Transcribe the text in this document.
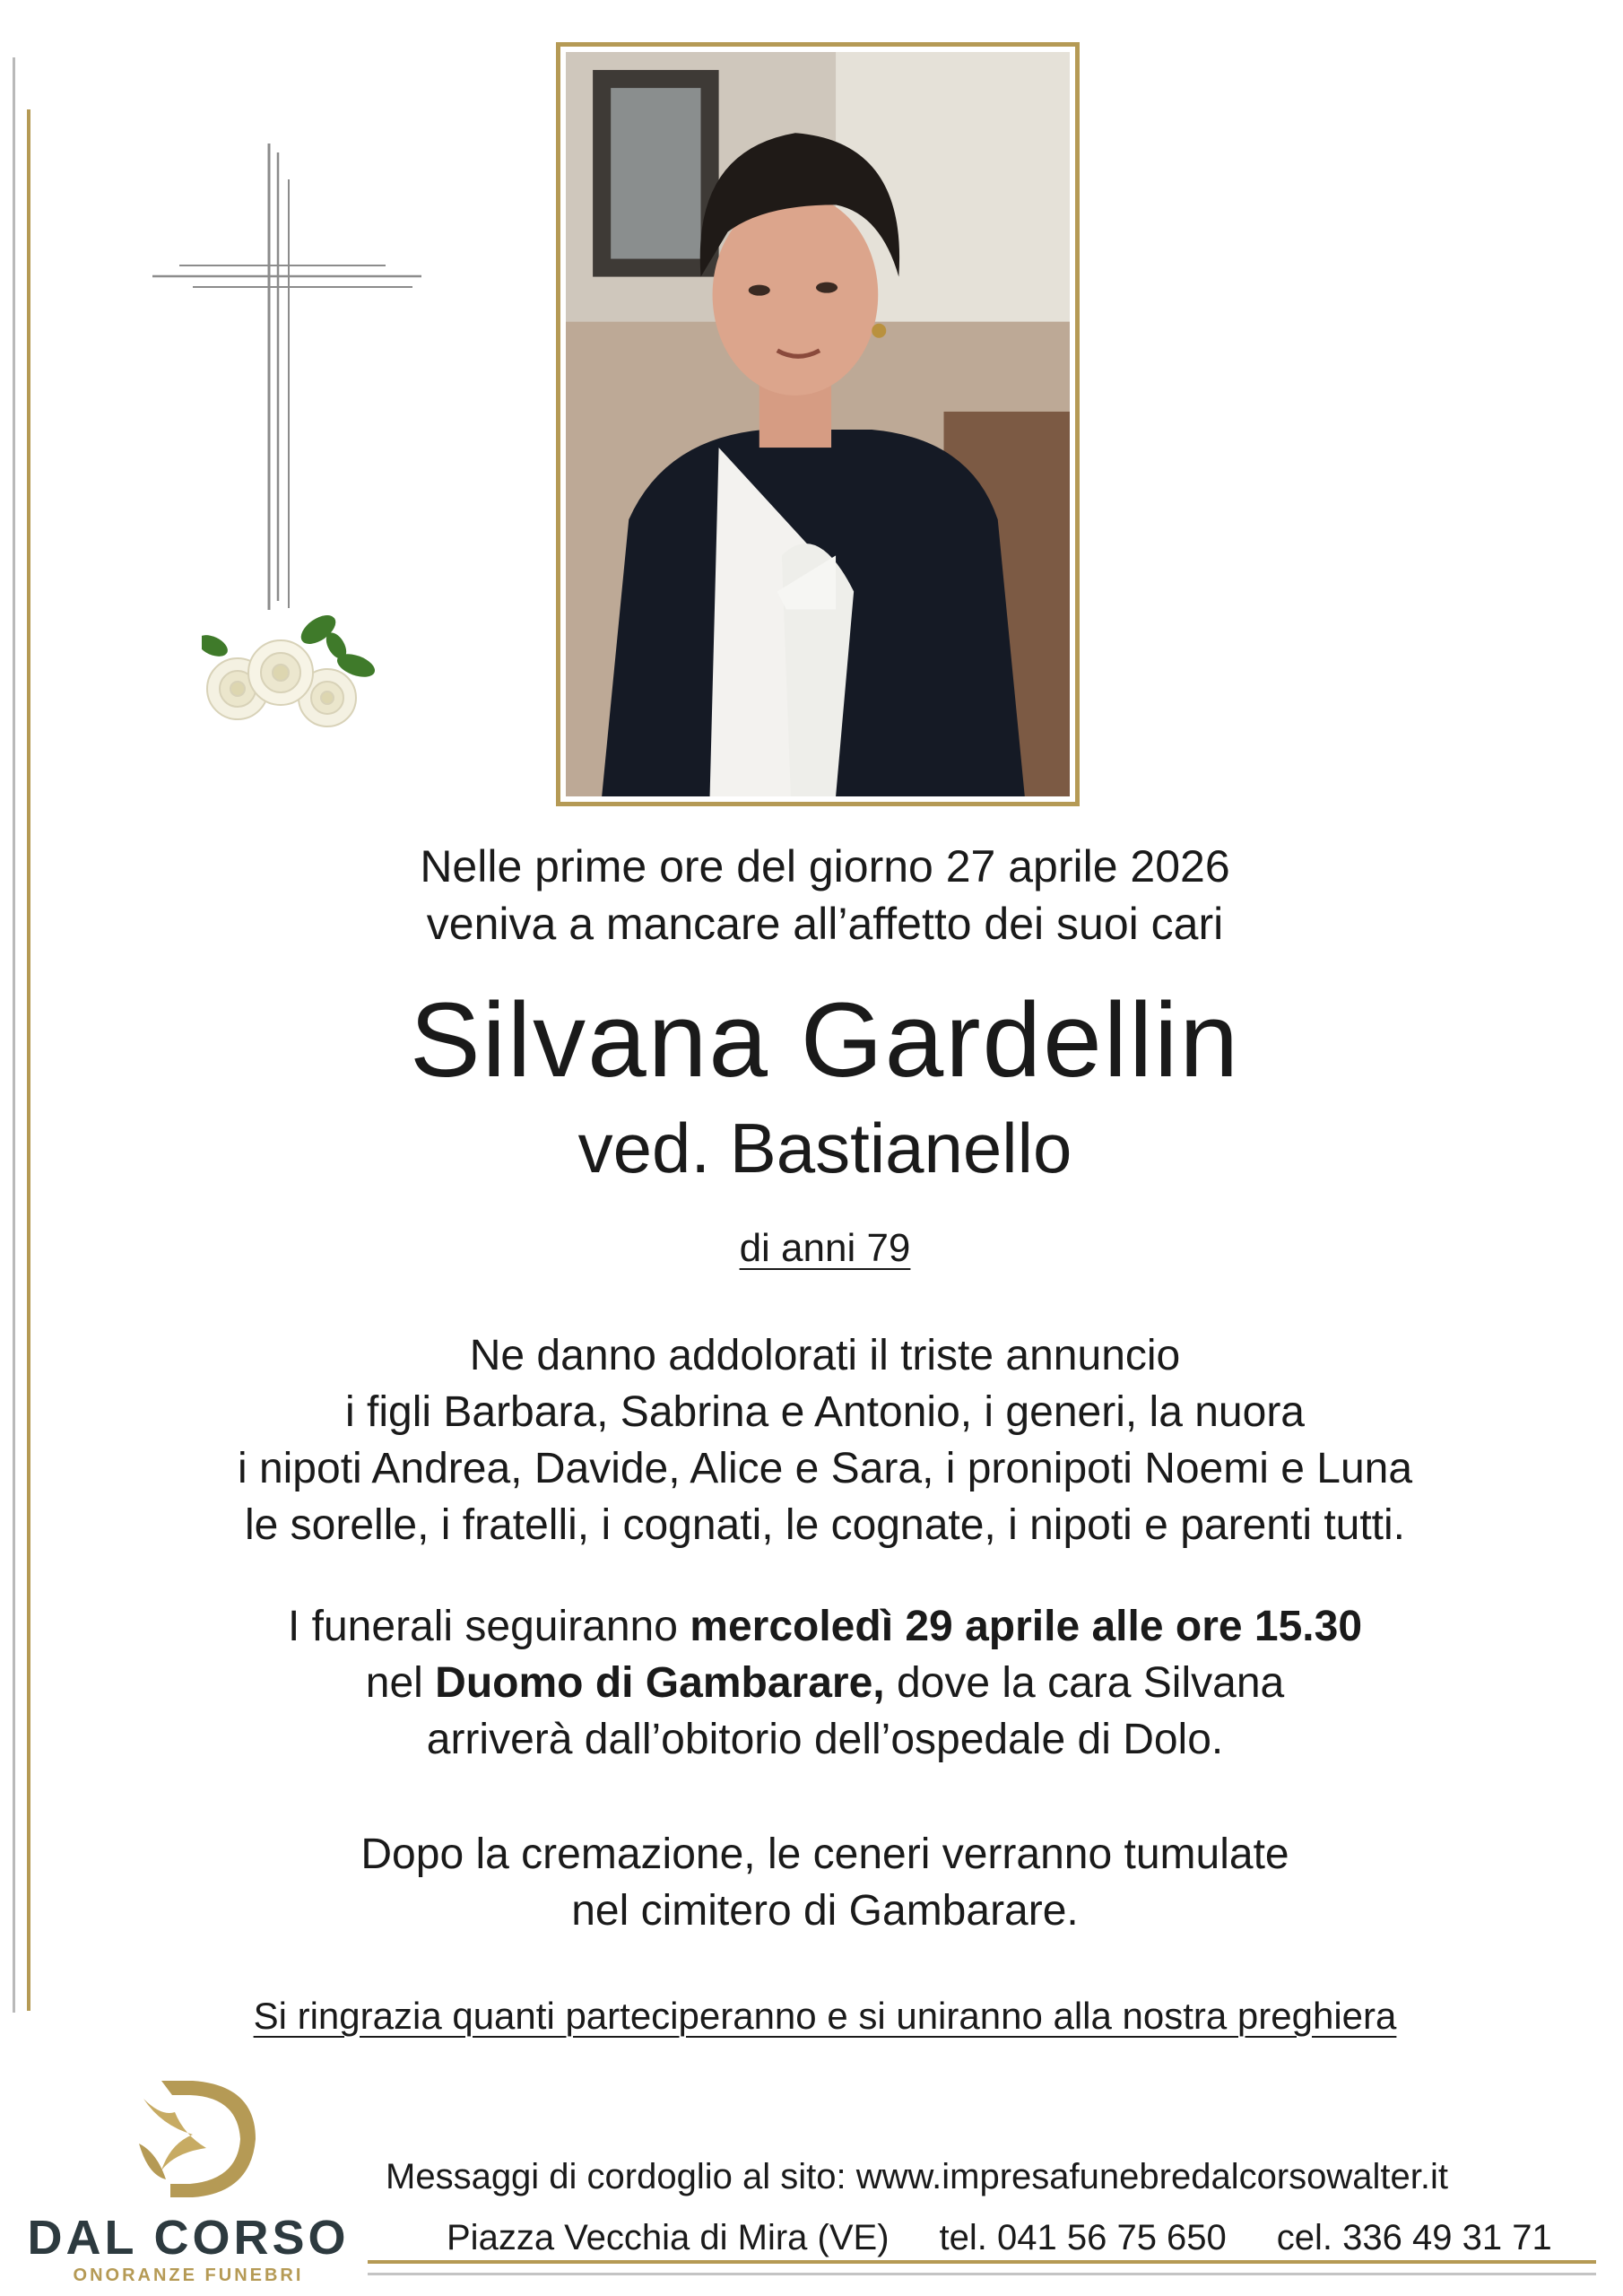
Nelle prime ore del giorno 27 aprile 2026
veniva a mancare all’affetto dei suoi cari
Silvana Gardellin
ved. Bastianello
di anni 79
Ne danno addolorati il triste annuncio
i figli Barbara, Sabrina e Antonio, i generi, la nuora
i nipoti Andrea, Davide, Alice e Sara, i pronipoti Noemi e Luna
le sorelle, i fratelli, i cognati, le cognate, i nipoti e parenti tutti.
I funerali seguiranno mercoledì 29 aprile alle ore 15.30
nel Duomo di Gambarare, dove la cara Silvana
arriverà dall’obitorio dell’ospedale di Dolo.
Dopo la cremazione, le ceneri verranno tumulate
nel cimitero di Gambarare.
Si ringrazia quanti parteciperanno e si uniranno alla nostra preghiera
DAL CORSO
ONORANZE FUNEBRI
Messaggi di cordoglio al sito: www.impresafunebredalcorsowalter.it
Piazza Vecchia di Mira (VE) tel. 041 56 75 650 cel. 336 49 31 71
